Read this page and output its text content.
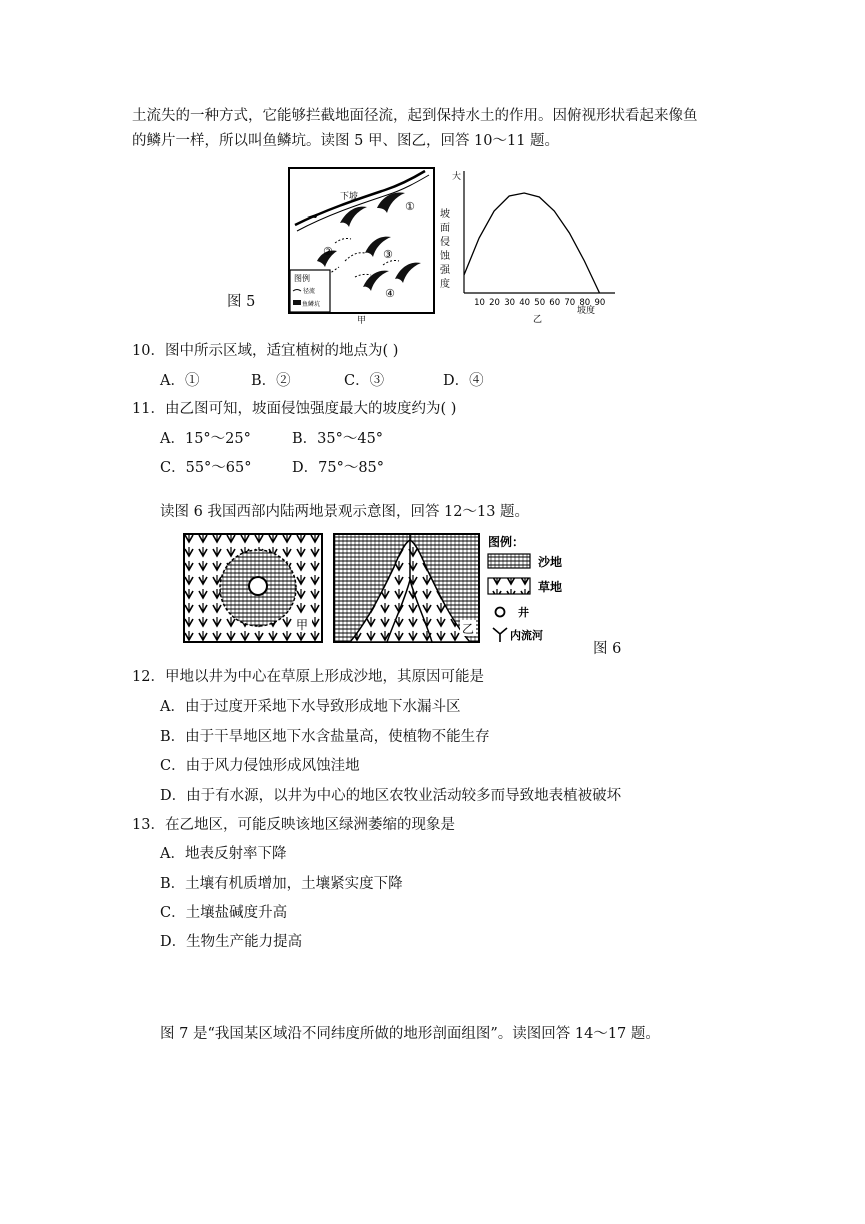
土流失的一种方式，它能够拦截地面径流，起到保持水土的作用。因俯视形状看起来像鱼
的鳞片一样，所以叫鱼鳞坑。读图 5 甲、图乙，回答 10～11 题。
图 5
下坡
①
②	③
④
图例
径流
鱼鳞坑
甲
大
坡
面
侵
蚀
强
度
10 20 30 40 50 60 70 80 90
坡度
乙
10．图中所示区域，适宜植树的地点为( )
A．①	B．②	C．③	D．④
11．由乙图可知，坡面侵蚀强度最大的坡度约为( )
A．15°～25°	B．35°～45°
C．55°～65°	D．75°～85°
读图 6 我国西部内陆两地景观示意图，回答 12～13 题。
甲	乙
图例：
沙地
草地
井
内流河
图 6
12．甲地以井为中心在草原上形成沙地，其原因可能是
A．由于过度开采地下水导致形成地下水漏斗区
B．由于干旱地区地下水含盐量高，使植物不能生存
C．由于风力侵蚀形成风蚀洼地
D．由于有水源，以井为中心的地区农牧业活动较多而导致地表植被破坏
13．在乙地区，可能反映该地区绿洲萎缩的现象是
A．地表反射率下降
B．土壤有机质增加，土壤紧实度下降
C．土壤盐碱度升高
D．生物生产能力提高
图 7 是“我国某区域沿不同纬度所做的地形剖面组图”。读图回答 14～17 题。
